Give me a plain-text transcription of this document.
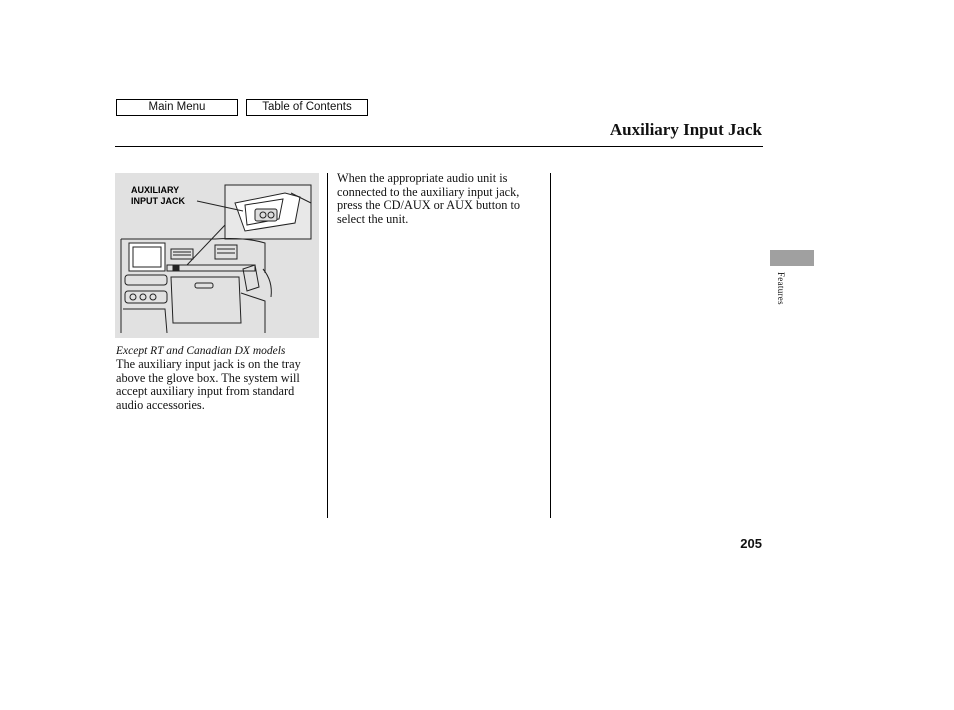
Main Menu	Table of Contents
Auxiliary Input Jack
AUXILIARY
INPUT JACK
Except RT and Canadian DX models

The auxiliary input jack is on the tray above the glove box. The system will accept auxiliary input from standard audio accessories.

When the appropriate audio unit is connected to the auxiliary input jack, press the CD/AUX or AUX button to select the unit.

Features
205
